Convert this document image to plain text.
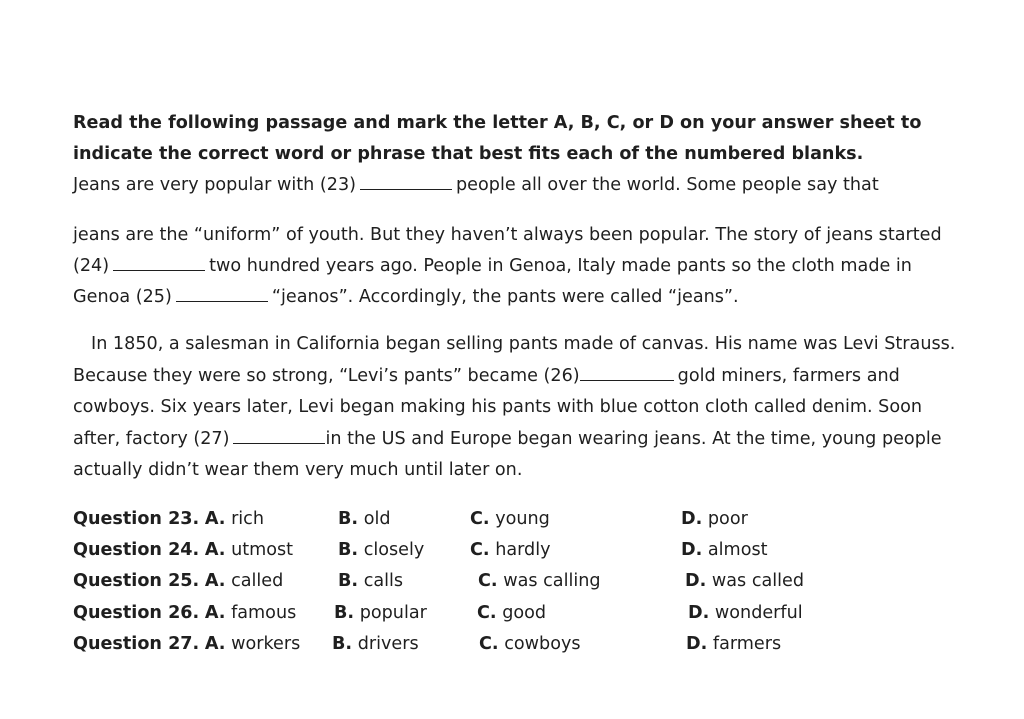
Read the following passage and mark the letter A, B, C, or D on your answer sheet to
indicate the correct word or phrase that best fits each of the numbered blanks.
Jeans are very popular with (23)	people all over the world. Some people say that
jeans are the “uniform” of youth. But they haven’t always been popular. The story of jeans started
(24)	two hundred years ago. People in Genoa, Italy made pants so the cloth made in
Genoa (25)	“jeanos”. Accordingly, the pants were called “jeans”.
In 1850, a salesman in California began selling pants made of canvas. His name was Levi Strauss.
Because they were so strong, “Levi’s pants” became (26)	gold miners, farmers and
cowboys. Six years later, Levi began making his pants with blue cotton cloth called denim. Soon
after, factory (27)	in the US and Europe began wearing jeans. At the time, young people
actually didn’t wear them very much until later on.
Question 23. A. rich	B. old	C. young	D. poor
Question 24. A. utmost	B. closely	C. hardly	D. almost
Question 25. A. called	B. calls	C. was calling	D. was called
Question 26. A. famous B. popular	C. good	D. wonderful
Question 27. A. workers B. drivers	C. cowboys	D. farmers
